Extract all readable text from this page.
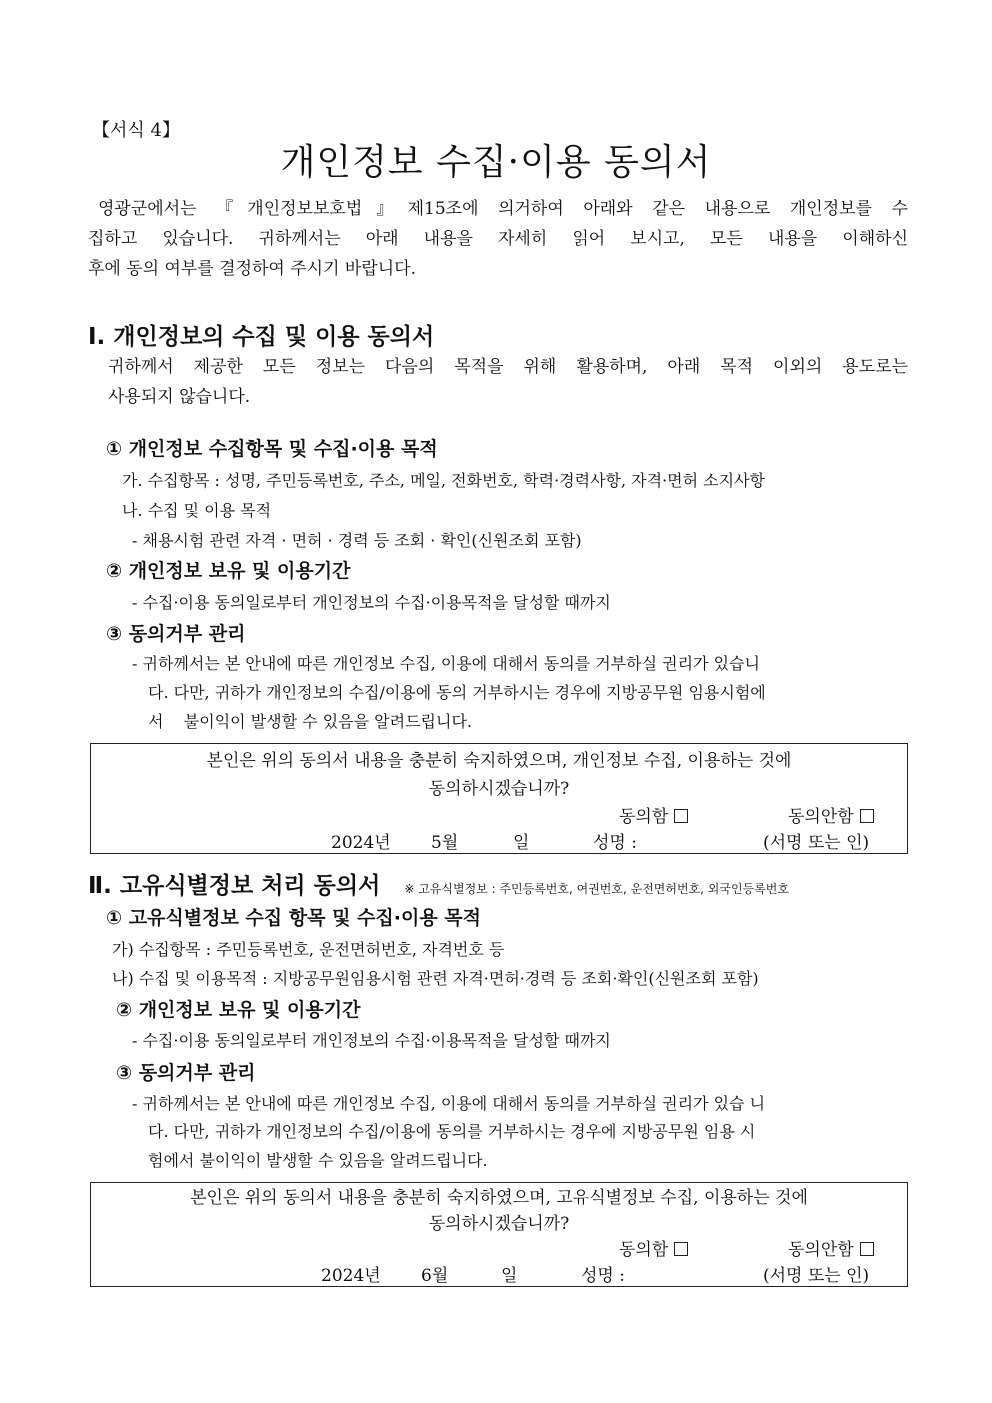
【서식 4】
개인정보 수집·이용 동의서
영광군에서는 『개인정보보호법』제15조에 의거하여 아래와 같은 내용으로 개인정보를 수
집하고 있습니다. 귀하께서는 아래 내용을 자세히 읽어 보시고, 모든 내용을 이해하신
후에 동의 여부를 결정하여 주시기 바랍니다.
Ⅰ. 개인정보의 수집 및 이용 동의서
귀하께서 제공한 모든 정보는 다음의 목적을 위해 활용하며, 아래 목적 이외의 용도로는
사용되지 않습니다.
① 개인정보 수집항목 및 수집·이용 목적
가. 수집항목 : 성명, 주민등록번호, 주소, 메일, 전화번호, 학력·경력사항, 자격·면허 소지사항
나. 수집 및 이용 목적
- 채용시험 관련 자격 · 면허 · 경력 등 조회 · 확인(신원조회 포함)
② 개인정보 보유 및 이용기간
- 수집·이용 동의일로부터 개인정보의 수집·이용목적을 달성할 때까지
③ 동의거부 관리
- 귀하께서는 본 안내에 따른 개인정보 수집, 이용에 대해서 동의를 거부하실 권리가 있습니
다. 다만, 귀하가 개인정보의 수집/이용에 동의 거부하시는 경우에 지방공무원 임용시험에
서    불이익이 발생할 수 있음을 알려드립니다.
본인은 위의 동의서 내용을 충분히 숙지하였으며, 개인정보 수집, 이용하는 것에
동의하시겠습니까?
동의함	동의안함
2024년 5월	일	성명 :	(서명 또는 인)
Ⅱ. 고유식별정보 처리 동의서 ※ 고유식별정보 : 주민등록번호, 여권번호, 운전면허번호, 외국인등록번호
① 고유식별정보 수집 항목 및 수집·이용 목적
가) 수집항목 : 주민등록번호, 운전면허번호, 자격번호 등
나) 수집 및 이용목적 : 지방공무원임용시험 관련 자격·면허·경력 등 조회·확인(신원조회 포함)
② 개인정보 보유 및 이용기간
- 수집·이용 동의일로부터 개인정보의 수집·이용목적을 달성할 때까지
③ 동의거부 관리
- 귀하께서는 본 안내에 따른 개인정보 수집, 이용에 대해서 동의를 거부하실 권리가 있습 니
다. 다만, 귀하가 개인정보의 수집/이용에 동의를 거부하시는 경우에 지방공무원 임용 시
험에서 불이익이 발생할 수 있음을 알려드립니다.
본인은 위의 동의서 내용을 충분히 숙지하였으며, 고유식별정보 수집, 이용하는 것에
동의하시겠습니까?
동의함	동의안함
2024년 6월	일	성명 :	(서명 또는 인)
